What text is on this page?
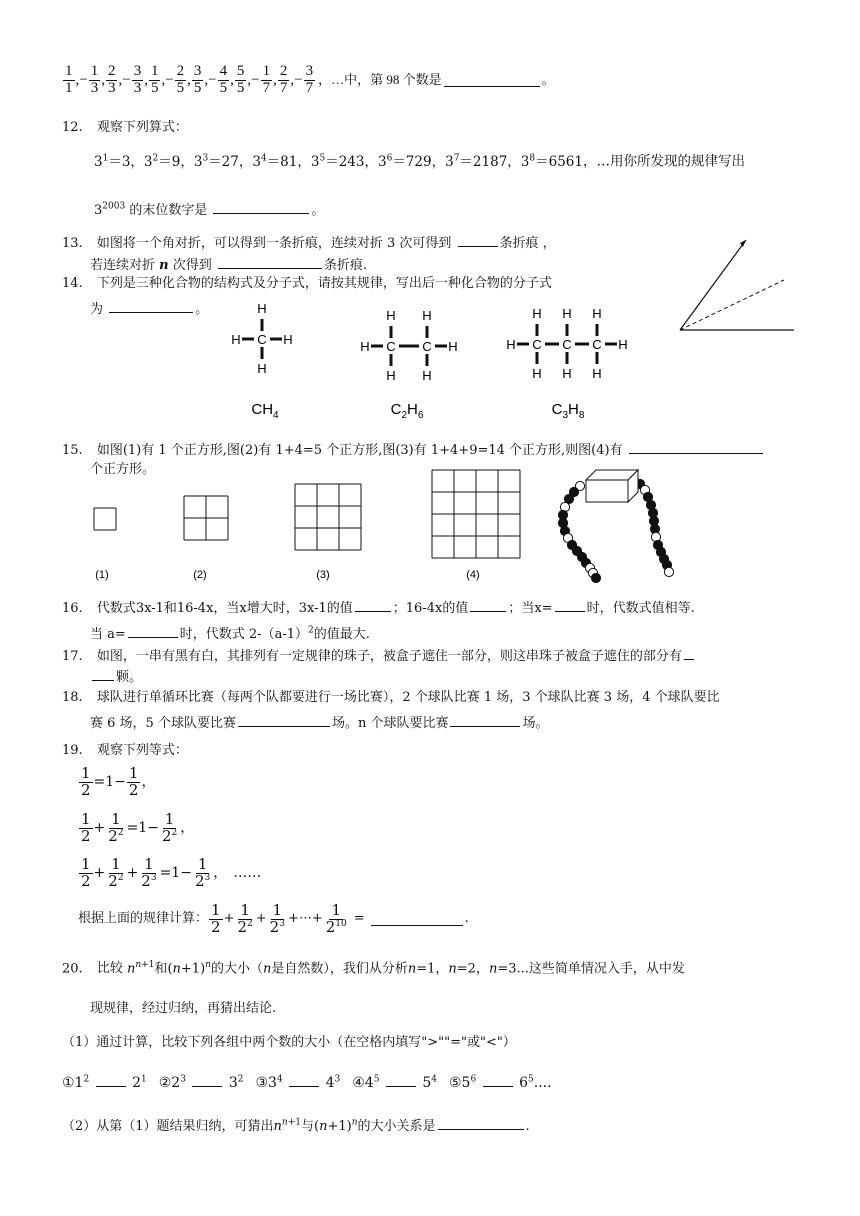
$\frac{1}{1}$ , − $\frac{1}{3}$ , $\frac{2}{3}$ , − $\frac{3}{3}$ , $\frac{1}{5}$ , − $\frac{2}{5}$ , $\frac{3}{5}$ , − $\frac{4}{5}$ , $\frac{5}{5}$ , − $\frac{1}{7}$ , $\frac{2}{7}$ , − $\frac{3}{7}$ ，…中，第 98 个数是	。
12. 观察下列算式：
$3^1=3$，$3^2=9$，$3^3=27$，$3^4=81$，$3^5=243$，$3^6=729$，$3^7=2187$，$3^8=6561$，…用你所发现的规律写出
$3^{2003}$ 的末位数字是	。
13. 如图将一个角对折，可以得到一条折痕，连续对折 3 次可得到	条折痕 ，
若连续对折 n 次得到	条折痕.
14. 下列是三种化合物的结构式及分子式，请按其规律，写出后一种化合物的分子式
为	。
H	H
C
H
H
H	H
C
H
H
C
H
H
H	H
C
H
H
C
H
H
C
H
H
$CH_4$	$C_2H_6$	$C_3H_8$
15. 如图(1)有 1 个正方形,图(2)有 1+4=5 个正方形,图(3)有 1+4+9=14 个正方形,则图(4)有
个正方形。
(1)	(2)	(3)	(4)
16. 代数式3x-1和16-4x，当x增大时，3x-1的值	；16-4x的值	；当x=	时，代数式值相等.
当 a=	时，代数式 $2-(a-1)^2$的值最大.
17. 如图，一串有黑有白，其排列有一定规律的珠子，被盒子遮住一部分，则这串珠子被盒子遮住的部分有
颗。
18. 球队进行单循环比赛（每两个队都要进行一场比赛），2 个球队比赛 1 场，3 个球队比赛 3 场，4 个球队要比
赛 6 场，5 个球队要比赛	场。n 个球队要比赛	场。
19. 观察下列等式：
$\frac{1}{2} =1- \frac{1}{2}$ ，
$\frac{1}{2} + \frac{1}{2^2} =1- \frac{1}{2^2}$ ，
$\frac{1}{2} + \frac{1}{2^2} + \frac{1}{2^3} =1- \frac{1}{2^3}$ ， ……
根据上面的规律计算： $\frac{1}{2} + \frac{1}{2^2} + \frac{1}{2^3}$ + ⋯ + $\frac{1}{2^{10}}$ =	.
20. 比较 $n^{n+1}$和$(n+1)^n$的大小（n是自然数），我们从分析n=1，n=2，n=3...这些简单情况入手，从中发
现规律，经过归纳，再猜出结论.
（1）通过计算，比较下列各组中两个数的大小（在空格内填写">""="或"<"）
$①1^2$	$2^1$ $②2^3$	$3^2$ $③3^4$	$4^3$ $④4^5$	$5^4$ $⑤5^6$	$6^5$....
（2）从第（1）题结果归纳，可猜出$n^{n+1}$与$(n+1)^n$的大小关系是	.
